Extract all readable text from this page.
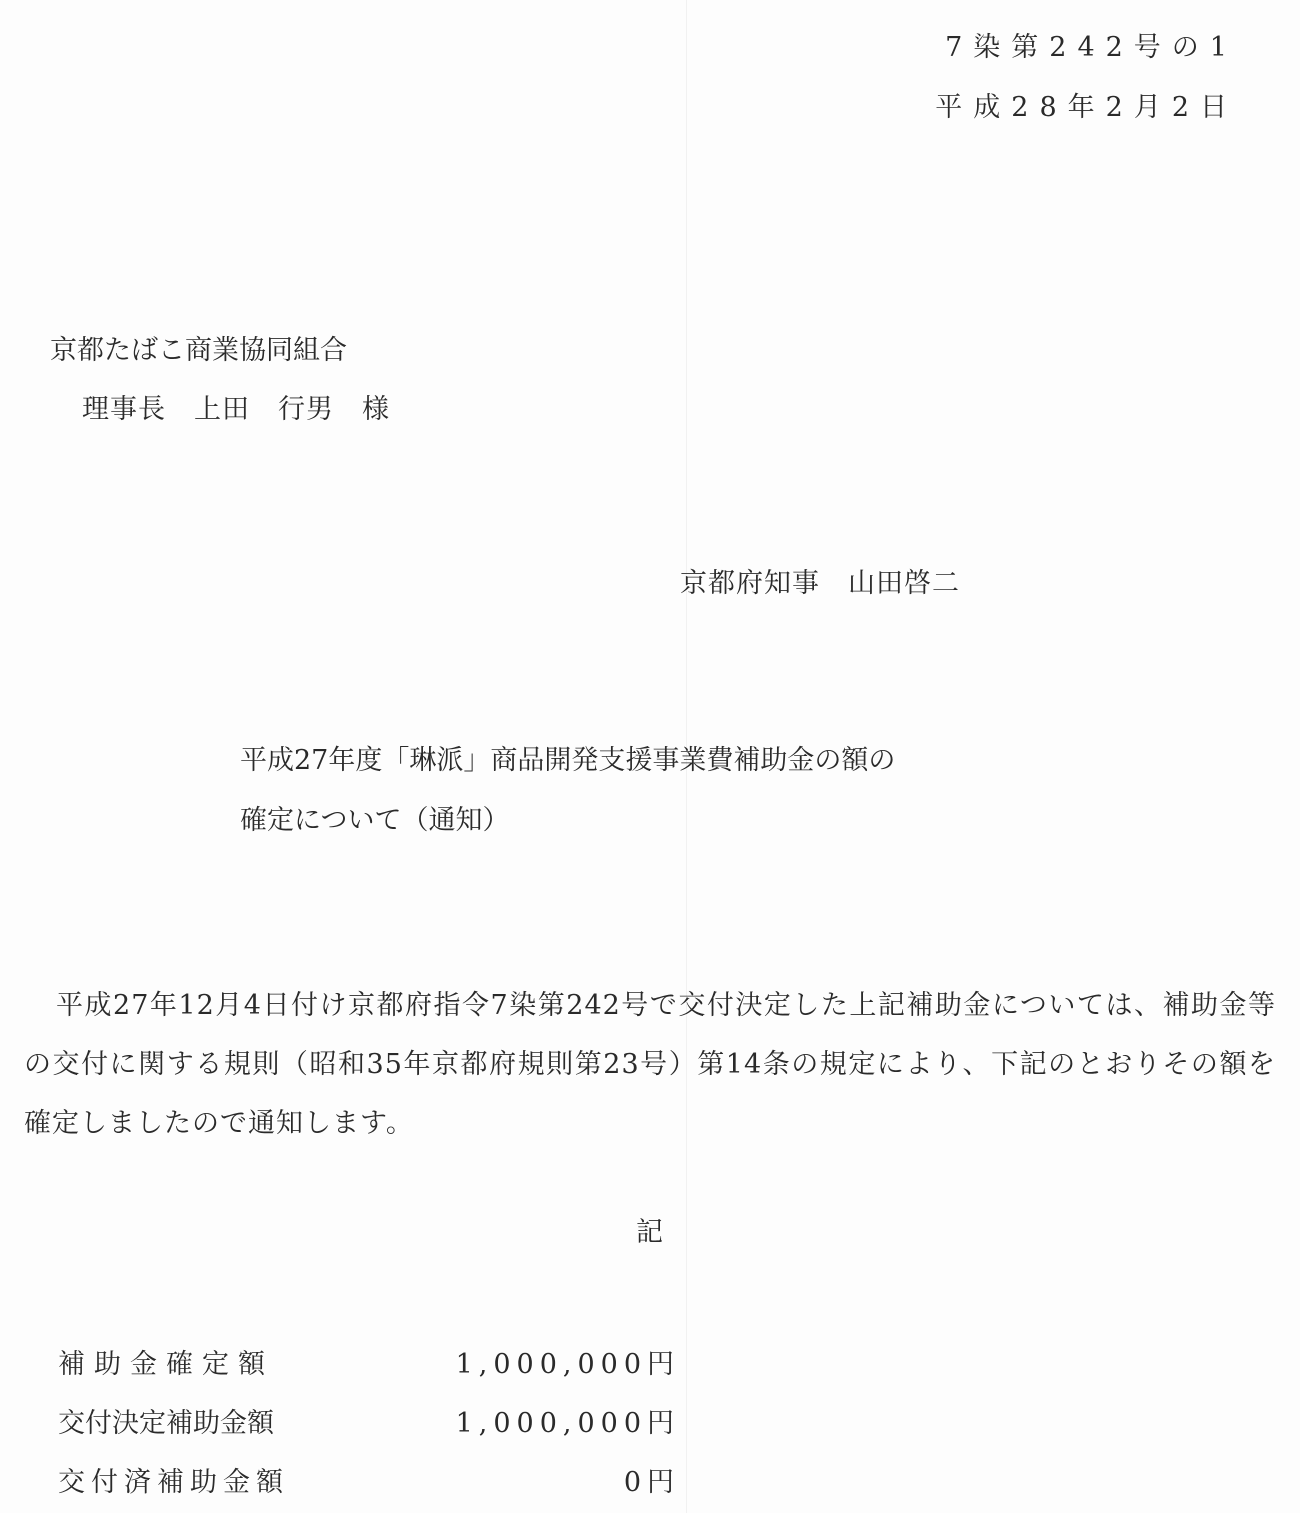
7染第242号の1
平成28年2月2日
京都たばこ商業協同組合
理事長　上田　行男　様
京都府知事　山田啓二
平成27年度「琳派」商品開発支援事業費補助金の額の
確定について（通知）
平成27年12月4日付け京都府指令7染第242号で交付決定した上記補助金については、補助金等の交付に関する規則（昭和35年京都府規則第23号）第14条の規定により、下記のとおりその額を確定しましたので通知します。
記
補助金確定額	1,000,000円
交付決定補助金額	1,000,000円
交付済補助金額	0円
